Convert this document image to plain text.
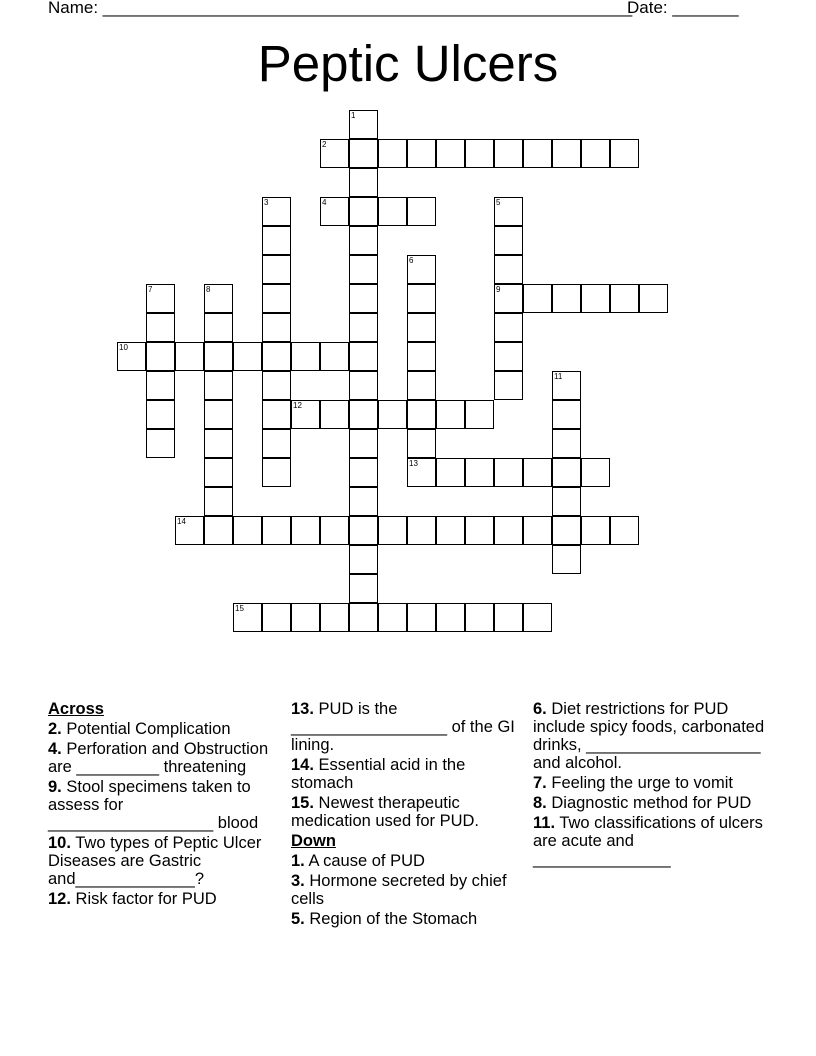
Name: ________________________________________________________
Date: _______
Peptic Ulcers
1
2
3	4	5
9
6
13
7	8
10
11
12
14
15
Across
2. Potential Complication
4. Perforation and Obstruction are _________ threatening
9. Stool specimens taken to assess for __________________ blood
10. Two types of Peptic Ulcer Diseases are Gastric and_____________?
12. Risk factor for PUD
13. PUD is the _________________ of the GI lining.
14. Essential acid in the stomach
15. Newest therapeutic medication used for PUD.
Down
1. A cause of PUD
3. Hormone secreted by chief cells
5. Region of the Stomach
6. Diet restrictions for PUD include spicy foods, carbonated drinks, ___________________ and alcohol.
7. Feeling the urge to vomit
8. Diagnostic method for PUD
11. Two classifications of ulcers are acute and _______________
